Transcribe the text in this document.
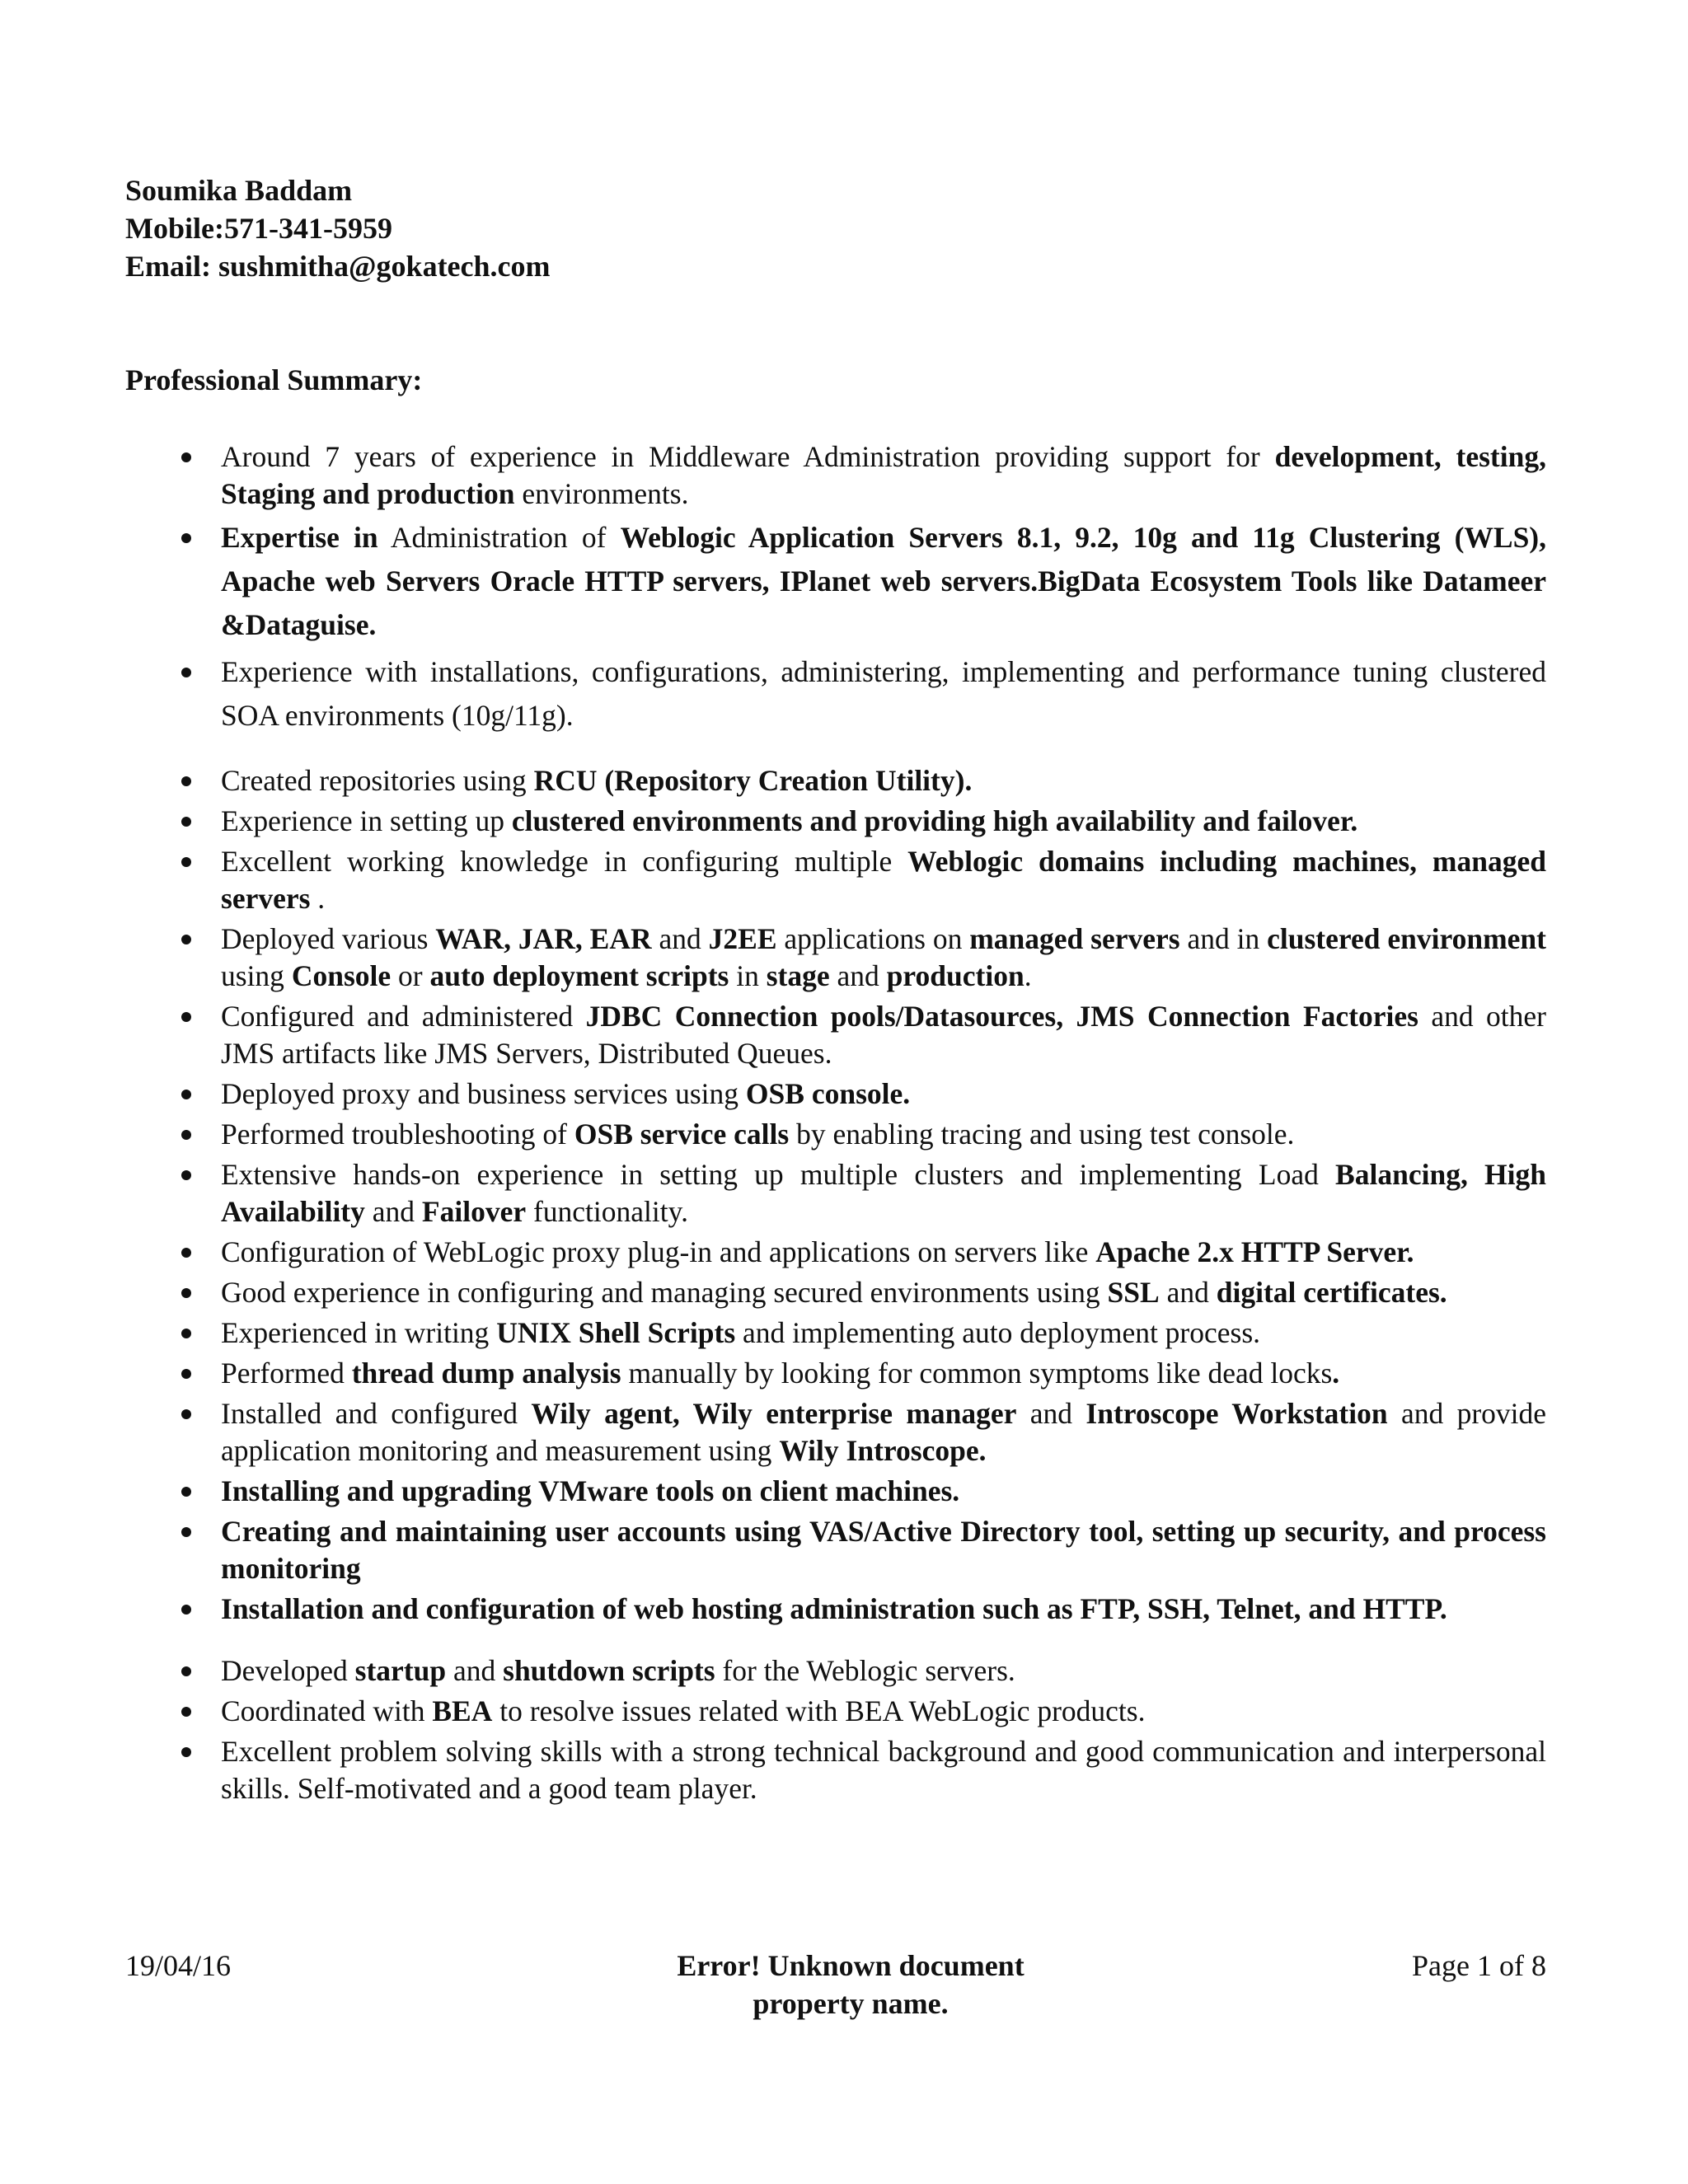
Soumika Baddam
Mobile:571-341-5959
Email: sushmitha@gokatech.com
Professional Summary:
Around 7 years of experience in Middleware Administration providing support for development, testing, Staging and production environments.
Expertise in Administration of Weblogic Application Servers 8.1, 9.2, 10g and 11g Clustering (WLS), Apache web Servers Oracle HTTP servers, IPlanet web servers.BigData Ecosystem Tools like Datameer &Dataguise.
Experience with installations, configurations, administering, implementing and performance tuning clustered SOA environments (10g/11g).
Created repositories using RCU (Repository Creation Utility).
Experience in setting up clustered environments and providing high availability and failover.
Excellent working knowledge in configuring multiple Weblogic domains including machines, managed servers .
Deployed various WAR, JAR, EAR and J2EE applications on managed servers and in clustered environment using Console or auto deployment scripts in stage and production.
Configured and administered JDBC Connection pools/Datasources, JMS Connection Factories and other JMS artifacts like JMS Servers, Distributed Queues.
Deployed proxy and business services using OSB console.
Performed troubleshooting of OSB service calls by enabling tracing and using test console.
Extensive hands-on experience in setting up multiple clusters and implementing Load Balancing, High Availability and Failover functionality.
Configuration of WebLogic proxy plug-in and applications on servers like Apache 2.x HTTP Server.
Good experience in configuring and managing secured environments using SSL and digital certificates.
Experienced in writing UNIX Shell Scripts and implementing auto deployment process.
Performed thread dump analysis manually by looking for common symptoms like dead locks.
Installed and configured Wily agent, Wily enterprise manager and Introscope Workstation and provide application monitoring and measurement using Wily Introscope.
Installing and upgrading VMware tools on client machines.
Creating and maintaining user accounts using VAS/Active Directory tool, setting up security, and process monitoring
Installation and configuration of web hosting administration such as FTP, SSH, Telnet, and HTTP.
Developed startup and shutdown scripts for the Weblogic servers.
Coordinated with BEA to resolve issues related with BEA WebLogic products.
Excellent problem solving skills with a strong technical background and good communication and interpersonal skills. Self-motivated and a good team player.
19/04/16	Error! Unknown document property name.
Page 1 of 8
